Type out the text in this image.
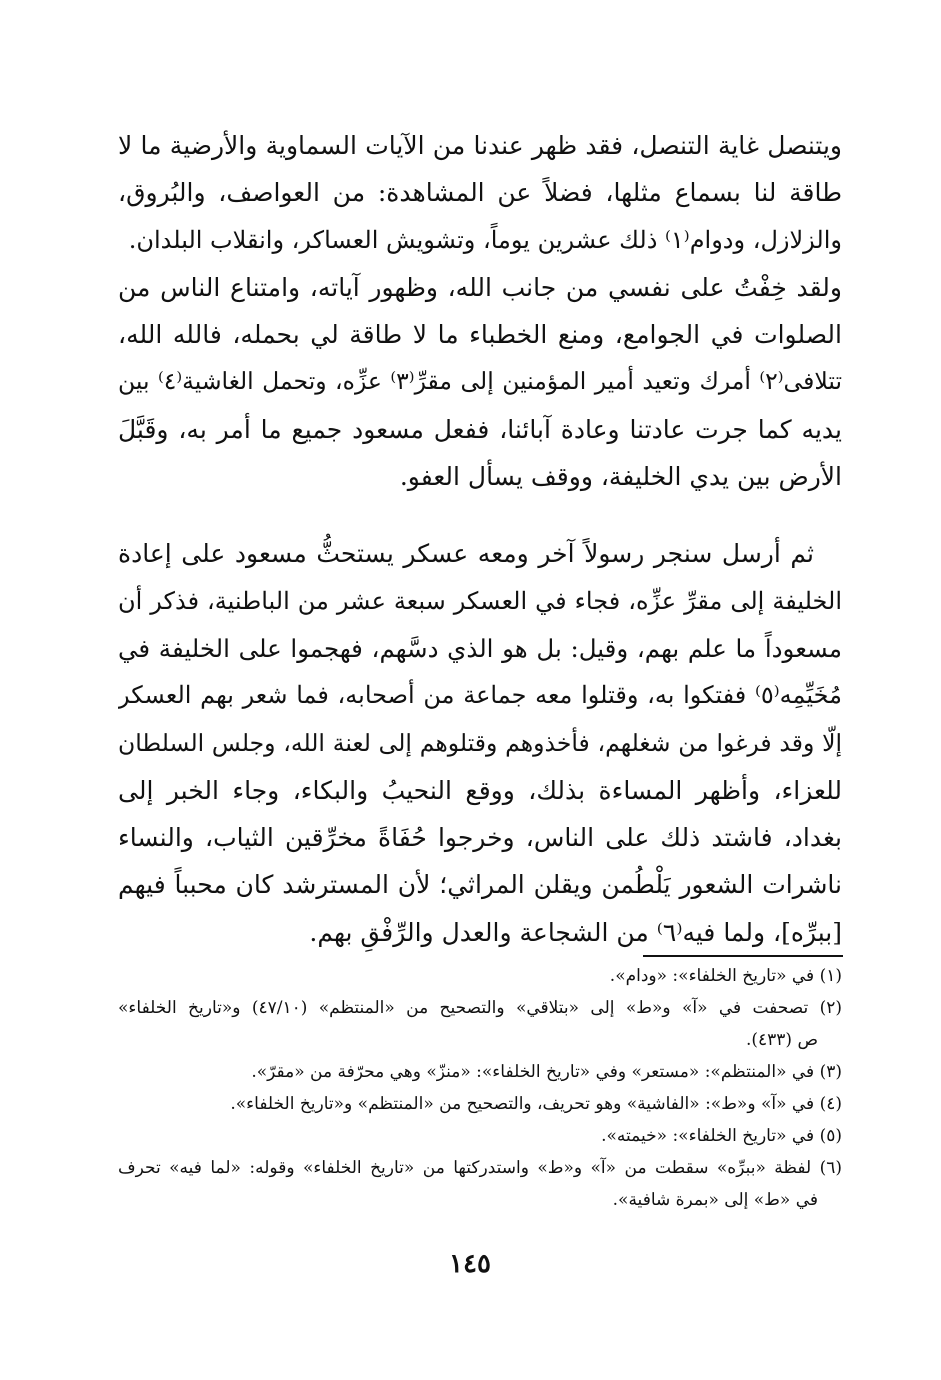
ويتنصل غاية التنصل، فقد ظهر عندنا من الآيات السماوية والأرضية ما لا
طاقة لنا بسماع مثلها، فضلاً عن المشاهدة: من العواصف، والبُروق،
والزلازل، ودوام⁽١⁾ ذلك عشرين يوماً، وتشويش العساكر، وانقلاب البلدان.
ولقد خِفْتُ على نفسي من جانب الله، وظهور آياته، وامتناع الناس من
الصلوات في الجوامع، ومنع الخطباء ما لا طاقة لي بحمله، فالله الله،
تتلافى⁽٢⁾ أمرك وتعيد أمير المؤمنين إلى مقرِّ⁽٣⁾ عزِّه، وتحمل الغاشية⁽٤⁾ بين
يديه كما جرت عادتنا وعادة آبائنا، ففعل مسعود جميع ما أمر به، وقَبَّلَ
الأرض بين يدي الخليفة، ووقف يسأل العفو.
ثم أرسل سنجر رسولاً آخر ومعه عسكر يستحثُّ مسعود على إعادة
الخليفة إلى مقرِّ عزِّه، فجاء في العسكر سبعة عشر من الباطنية، فذكر أن
مسعوداً ما علم بهم، وقيل: بل هو الذي دسَّهم، فهجموا على الخليفة في
مُخَيِّمِه⁽٥⁾ ففتكوا به، وقتلوا معه جماعة من أصحابه، فما شعر بهم العسكر
إلّا وقد فرغوا من شغلهم، فأخذوهم وقتلوهم إلى لعنة الله، وجلس السلطان
للعزاء، وأظهر المساءة بذلك، ووقع النحيبُ والبكاء، وجاء الخبر إلى
بغداد، فاشتد ذلك على الناس، وخرجوا حُفَاةً مخرِّقين الثياب، والنساء
ناشرات الشعور يَلْطُمن ويقلن المراثي؛ لأن المسترشد كان محبباً فيهم
[ببرِّه]، ولما فيه⁽٦⁾ من الشجاعة والعدل والرِّفْقِ بهم.
(١) في «تاريخ الخلفاء»: «ودام».
(٢) تصحفت في «آ» و«ط» إلى «بتلاقي» والتصحيح من «المنتظم» (٤٧/١٠) و«تاريخ الخلفاء»
ص (٤٣٣).
(٣) في «المنتظم»: «مستعر» وفي «تاريخ الخلفاء»: «منزّ» وهي محرّفة من «مقرّ».
(٤) في «آ» و«ط»: «الفاشية» وهو تحريف، والتصحيح من «المنتظم» و«تاريخ الخلفاء».
(٥) في «تاريخ الخلفاء»: «خيمته».
(٦) لفظة «ببرِّه» سقطت من «آ» و«ط» واستدركتها من «تاريخ الخلفاء» وقوله: «لما فيه» تحرف
في «ط» إلى «بمرة شافية».
١٤٥
